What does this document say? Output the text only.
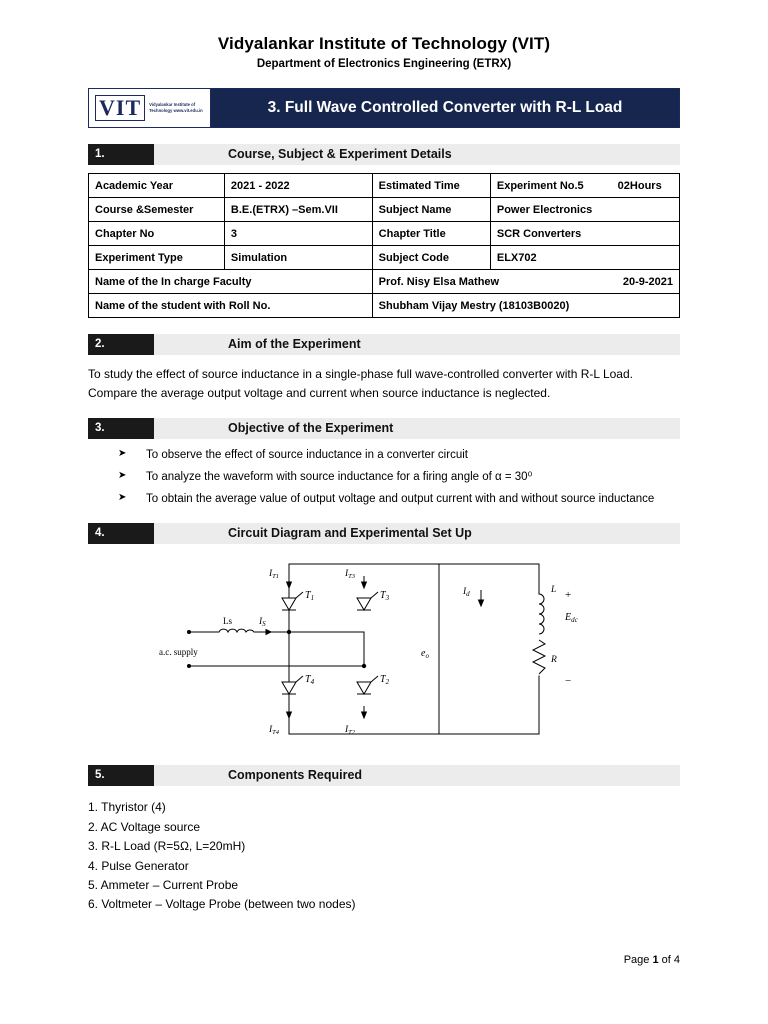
Vidyalankar Institute of Technology (VIT)
Department of Electronics Engineering (ETRX)
VIT	Vidyalankar Institute of Technology www.vit.edu.in	3. Full Wave Controlled Converter with R-L Load
1.	Course, Subject & Experiment Details
Academic Year	2021 - 2022	Estimated Time	Experiment No.5 02Hours
Course &Semester	B.E.(ETRX) –Sem.VII	Subject Name	Power Electronics
Chapter No	3	Chapter Title	SCR Converters
Experiment Type	Simulation	Subject Code	ELX702
Name of the In charge Faculty		Prof. Nisy Elsa Mathew 20-9-2021	

Name of the student with Roll No.		Shubham Vijay Mestry (18103B0020)	
2.	Aim of the Experiment
To study the effect of source inductance in a single-phase full wave-controlled converter with R-L Load.
Compare the average output voltage and current when source inductance is neglected.
3.	Objective of the Experiment
➤ To observe the effect of source inductance in a converter circuit
➤ To analyze the waveform with source inductance for a firing angle of α = 30⁰
➤ To obtain the average value of output voltage and output current with and without source inductance
4.	Circuit Diagram and Experimental Set Up
a.c. supply
Ls	$I_S$
$I_{T1}$	$I_{T3}$
$I_{T4}$	$I_{T2}$
$T_1$	$T_3$
$T_4$	$T_2$
$I_d$
$e_o$
L
R
$E_{dc}$
+
−
5.	Components Required
1. Thyristor (4)
2. AC Voltage source
3. R-L Load (R=5Ω, L=20mH)
4. Pulse Generator
5. Ammeter – Current Probe
6. Voltmeter – Voltage Probe (between two nodes)
Page 1 of 4
